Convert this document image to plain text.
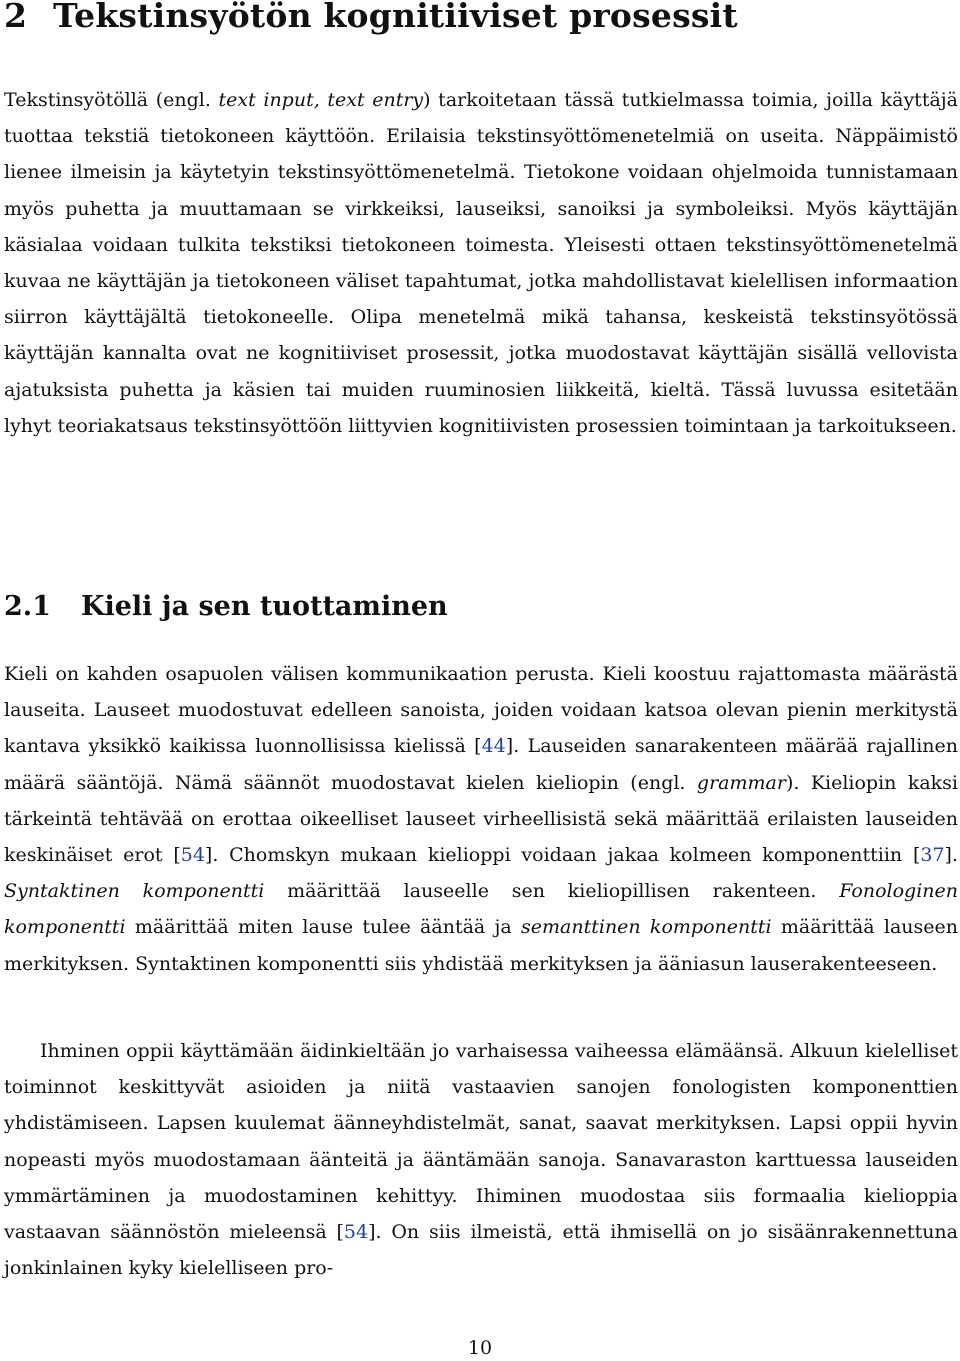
2 Tekstinsyötön kognitiiviset prosessit

Tekstinsyötöllä (engl. text input, text entry) tarkoitetaan tässä tutkielmassa toimia, joilla käyttäjä tuottaa tekstiä tietokoneen käyttöön. Erilaisia tekstinsyöttömenetelmiä on useita. Näppäimistö lienee ilmeisin ja käytetyin tekstinsyöttömenetelmä. Tietokone voidaan ohjelmoida tunnistamaan myös puhetta ja muuttamaan se virkkeiksi, lauseiksi, sanoiksi ja symboleiksi. Myös käyttäjän käsialaa voidaan tulkita tekstiksi tietokoneen toimesta. Yleisesti ottaen tekstinsyöttömenetelmä kuvaa ne käyttäjän ja tietokoneen väliset tapahtumat, jotka mahdollistavat kielellisen informaation siirron käyttäjältä tietokoneelle. Olipa menetelmä mikä tahansa, keskeistä tekstinsyötössä käyttäjän kannalta ovat ne kognitiiviset prosessit, jotka muodostavat käyttäjän sisällä vellovista ajatuksista puhetta ja käsien tai muiden ruuminosien liikkeitä, kieltä. Tässä luvussa esitetään lyhyt teoriakatsaus tekstinsyöttöön liittyvien kognitiivisten prosessien toimintaan ja tarkoitukseen.

2.1 Kieli ja sen tuottaminen

Kieli on kahden osapuolen välisen kommunikaation perusta. Kieli koostuu rajattomasta määrästä lauseita. Lauseet muodostuvat edelleen sanoista, joiden voidaan katsoa olevan pienin merkitystä kantava yksikkö kaikissa luonnollisissa kielissä [44]. Lauseiden sanarakenteen määrää rajallinen määrä sääntöjä. Nämä säännöt muodostavat kielen kieliopin (engl. grammar). Kieliopin kaksi tärkeintä tehtävää on erottaa oikeelliset lauseet virheellisistä sekä määrittää erilaisten lauseiden keskinäiset erot [54]. Chomskyn mukaan kielioppi voidaan jakaa kolmeen komponenttiin [37]. Syntaktinen komponentti määrittää lauseelle sen kieliopillisen rakenteen. Fonologinen komponentti määrittää miten lause tulee ääntää ja semanttinen komponentti määrittää lauseen merkityksen. Syntaktinen komponentti siis yhdistää merkityksen ja ääniasun lauserakenteeseen.

Ihminen oppii käyttämään äidinkieltään jo varhaisessa vaiheessa elämäänsä. Alkuun kielelliset toiminnot keskittyvät asioiden ja niitä vastaavien sanojen fonologisten komponenttien yhdistämiseen. Lapsen kuulemat äänneyhdistelmät, sanat, saavat merkityksen. Lapsi oppii hyvin nopeasti myös muodostamaan äänteitä ja ääntämään sanoja. Sanavaraston karttuessa lauseiden ymmärtäminen ja muodostaminen kehittyy. Ihiminen muodostaa siis formaalia kielioppia vastaavan säännöstön mieleensä [54]. On siis ilmeistä, että ihmisellä on jo sisäänrakennettuna jonkinlainen kyky kielelliseen pro-

10
